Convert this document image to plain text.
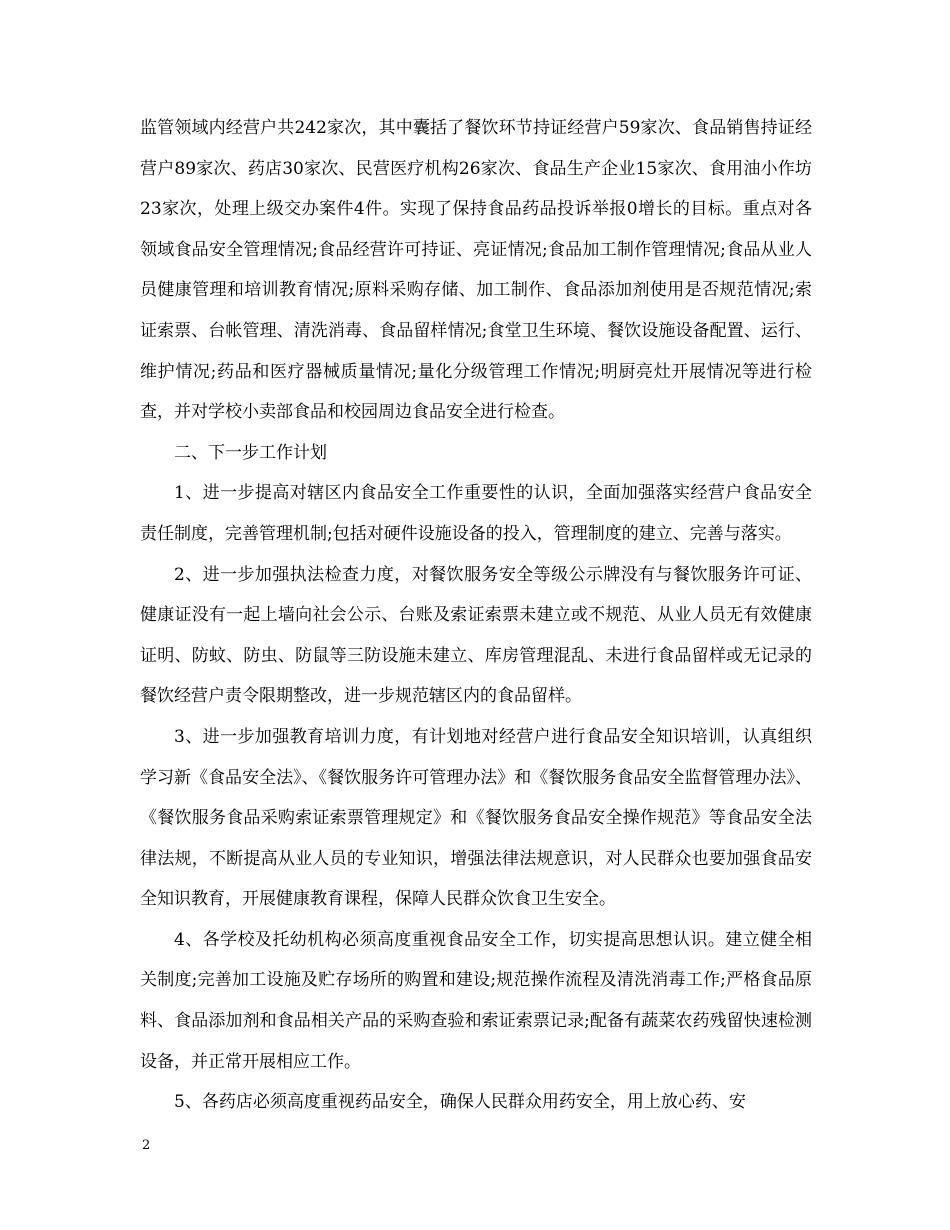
监管领域内经营户共242家次，其中囊括了餐饮环节持证经营户59家次、食品销售持证经营户89家次、药店30家次、民营医疗机构26家次、食品生产企业15家次、食用油小作坊23家次，处理上级交办案件4件。实现了保持食品药品投诉举报0增长的目标。重点对各领域食品安全管理情况;食品经营许可持证、亮证情况;食品加工制作管理情况;食品从业人员健康管理和培训教育情况;原料采购存储、加工制作、食品添加剂使用是否规范情况;索证索票、台帐管理、清洗消毒、食品留样情况;食堂卫生环境、餐饮设施设备配置、运行、维护情况;药品和医疗器械质量情况;量化分级管理工作情况;明厨亮灶开展情况等进行检查，并对学校小卖部食品和校园周边食品安全进行检查。

二、下一步工作计划

1、进一步提高对辖区内食品安全工作重要性的认识，全面加强落实经营户食品安全责任制度，完善管理机制;包括对硬件设施设备的投入，管理制度的建立、完善与落实。

2、进一步加强执法检查力度，对餐饮服务安全等级公示牌没有与餐饮服务许可证、健康证没有一起上墙向社会公示、台账及索证索票未建立或不规范、从业人员无有效健康证明、防蚊、防虫、防鼠等三防设施未建立、库房管理混乱、未进行食品留样或无记录的餐饮经营户责令限期整改，进一步规范辖区内的食品留样。

3、进一步加强教育培训力度，有计划地对经营户进行食品安全知识培训，认真组织学习新《食品安全法》、《餐饮服务许可管理办法》和《餐饮服务食品安全监督管理办法》、《餐饮服务食品采购索证索票管理规定》和《餐饮服务食品安全操作规范》等食品安全法律法规，不断提高从业人员的专业知识，增强法律法规意识，对人民群众也要加强食品安全知识教育，开展健康教育课程，保障人民群众饮食卫生安全。

4、各学校及托幼机构必须高度重视食品安全工作，切实提高思想认识。建立健全相关制度;完善加工设施及贮存场所的购置和建设;规范操作流程及清洗消毒工作;严格食品原料、食品添加剂和食品相关产品的采购查验和索证索票记录;配备有蔬菜农药残留快速检测设备，并正常开展相应工作。

5、各药店必须高度重视药品安全，确保人民群众用药安全，用上放心药、安

2
